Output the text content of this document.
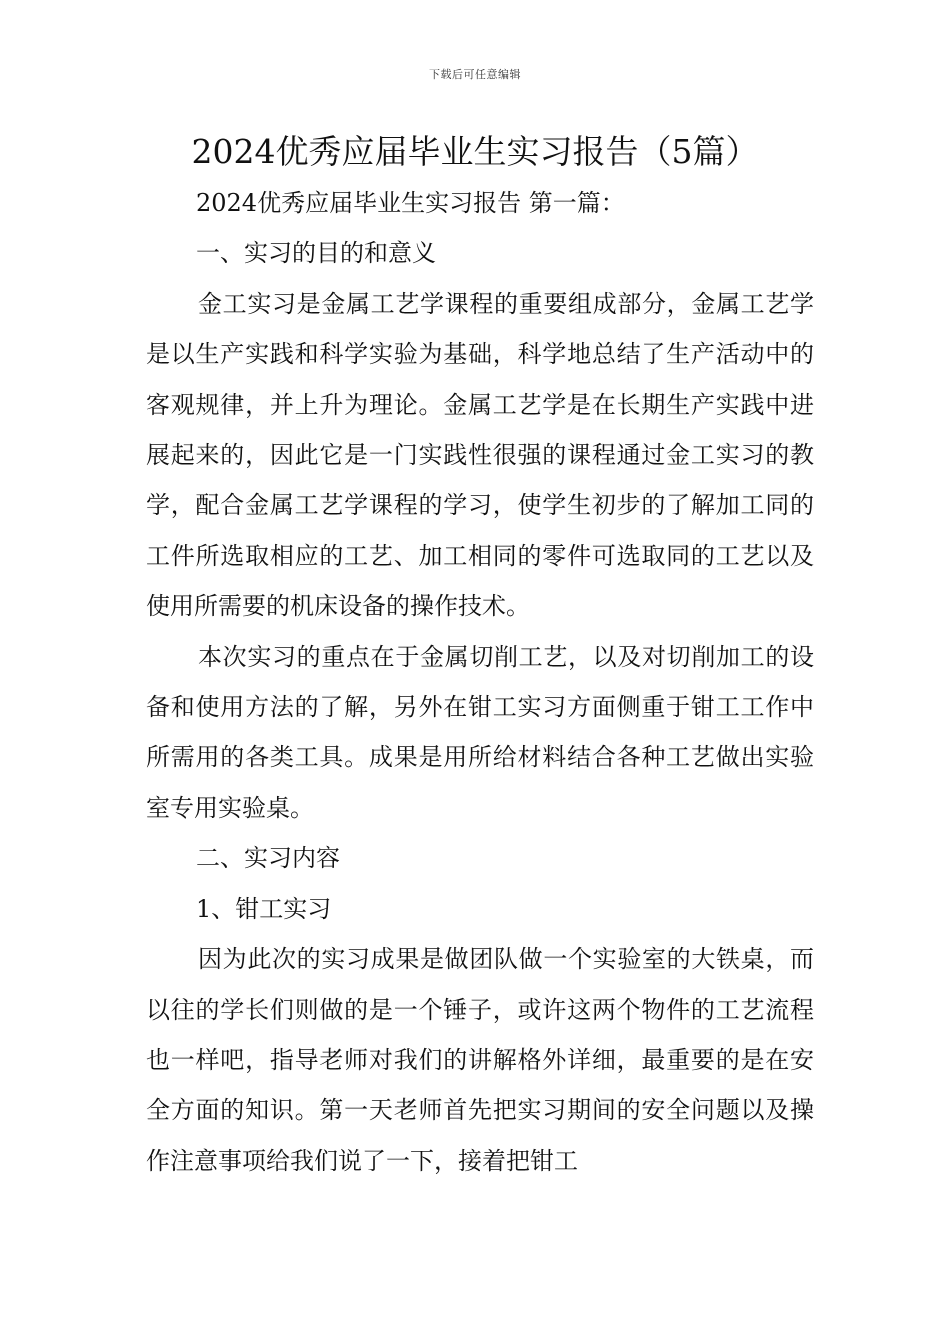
下载后可任意编辑
2024优秀应届毕业生实习报告（5篇）

2024优秀应届毕业生实习报告 第一篇：

一、实习的目的和意义

金工实习是金属工艺学课程的重要组成部分，金属工艺学是以生产实践和科学实验为基础，科学地总结了生产活动中的客观规律，并上升为理论。金属工艺学是在长期生产实践中进展起来的，因此它是一门实践性很强的课程通过金工实习的教学，配合金属工艺学课程的学习，使学生初步的了解加工同的工件所选取相应的工艺、加工相同的零件可选取同的工艺以及使用所需要的机床设备的操作技术。

本次实习的重点在于金属切削工艺，以及对切削加工的设备和使用方法的了解，另外在钳工实习方面侧重于钳工工作中所需用的各类工具。成果是用所给材料结合各种工艺做出实验室专用实验桌。

二、实习内容

1、钳工实习

因为此次的实习成果是做团队做一个实验室的大铁桌，而以往的学长们则做的是一个锤子，或许这两个物件的工艺流程也一样吧，指导老师对我们的讲解格外详细，最重要的是在安全方面的知识。第一天老师首先把实习期间的安全问题以及操作注意事项给我们说了一下，接着把钳工
